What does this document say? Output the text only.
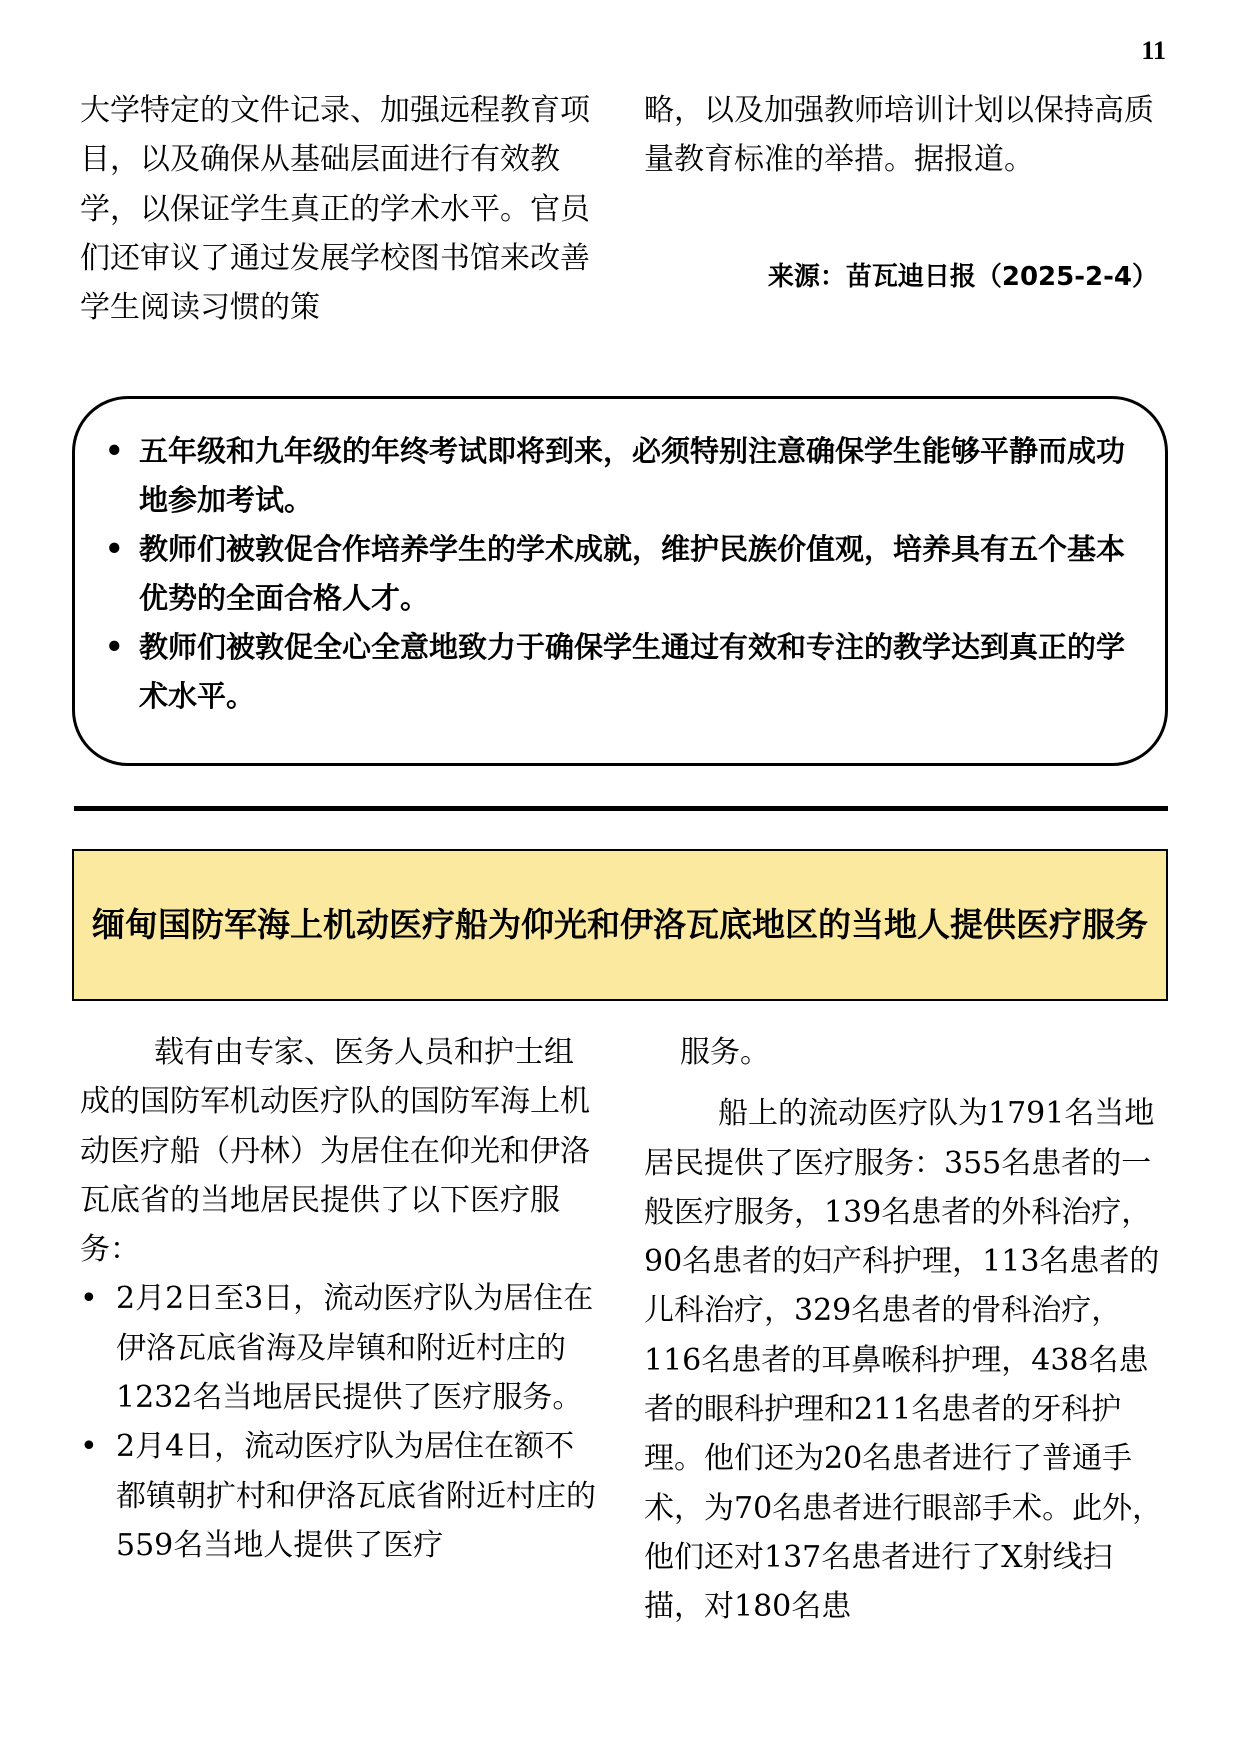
11

大学特定的文件记录、加强远程教育项目，以及确保从基础层面进行有效教学，以保证学生真正的学术水平。官员们还审议了通过发展学校图书馆来改善学生阅读习惯的策

略，以及加强教师培训计划以保持高质量教育标准的举措。据报道。

来源：苗瓦迪日报（2025-2-4）
• 五年级和九年级的年终考试即将到来，必须特别注意确保学生能够平静而成功地参加考试。
• 教师们被敦促合作培养学生的学术成就，维护民族价值观，培养具有五个基本优势的全面合格人才。
• 教师们被敦促全心全意地致力于确保学生通过有效和专注的教学达到真正的学术水平。
缅甸国防军海上机动医疗船为仰光和伊洛瓦底地区的当地人提供医疗服务

载有由专家、医务人员和护士组成的国防军机动医疗队的国防军海上机动医疗船（丹林）为居住在仰光和伊洛瓦底省的当地居民提供了以下医疗服务：

• 2月2日至3日，流动医疗队为居住在伊洛瓦底省海及岸镇和附近村庄的1232名当地居民提供了医疗服务。

• 2月4日，流动医疗队为居住在额不都镇朝扩村和伊洛瓦底省附近村庄的559名当地人提供了医疗

服务。

船上的流动医疗队为1791名当地居民提供了医疗服务：355名患者的一般医疗服务，139名患者的外科治疗，90名患者的妇产科护理，113名患者的儿科治疗，329名患者的骨科治疗，116名患者的耳鼻喉科护理，438名患者的眼科护理和211名患者的牙科护理。他们还为20名患者进行了普通手术，为70名患者进行眼部手术。此外，他们还对137名患者进行了X射线扫描，对180名患
